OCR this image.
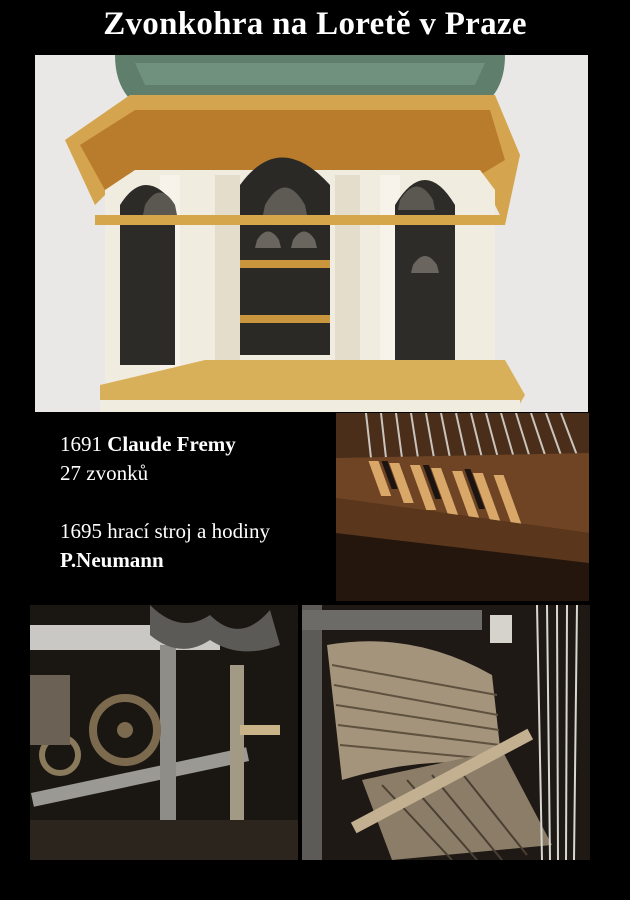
Zvonkohra na Loretě v Praze
1691 Claude Fremy
27 zvonků
1695 hrací stroj a hodiny
P.Neumann
